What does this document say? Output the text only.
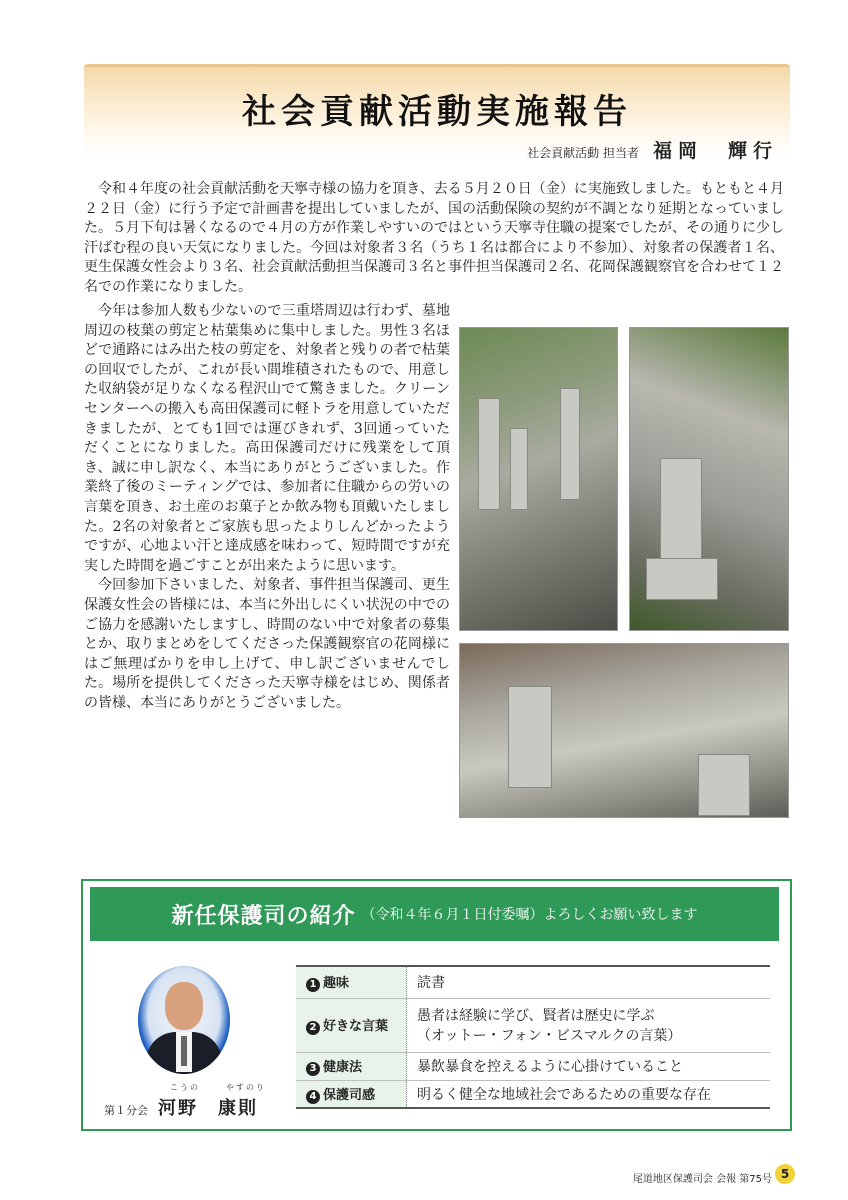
社会貢献活動実施報告
社会貢献活動 担当者 福岡　輝行

令和４年度の社会貢献活動を天寧寺様の協力を頂き、去る５月２０日（金）に実施致しました。もともと４月２２日（金）に行う予定で計画書を提出していましたが、国の活動保険の契約が不調となり延期となっていました。５月下旬は暑くなるので４月の方が作業しやすいのではという天寧寺住職の提案でしたが、その通りに少し汗ばむ程の良い天気になりました。今回は対象者３名（うち１名は都合により不参加）、対象者の保護者１名、更生保護女性会より３名、社会貢献活動担当保護司３名と事件担当保護司２名、花岡保護観察官を合わせて１２名での作業になりました。

今年は参加人数も少ないので三重塔周辺は行わず、墓地周辺の枝葉の剪定と枯葉集めに集中しました。男性３名ほどで通路にはみ出た枝の剪定を、対象者と残りの者で枯葉の回収でしたが、これが長い間堆積されたもので、用意した収納袋が足りなくなる程沢山でて驚きました。クリーンセンターへの搬入も高田保護司に軽トラを用意していただきましたが、とても1回では運びきれず、3回通っていただくことになりました。高田保護司だけに残業をして頂き、誠に申し訳なく、本当にありがとうございました。作業終了後のミーティングでは、参加者に住職からの労いの言葉を頂き、お土産のお菓子とか飲み物も頂戴いたしました。2名の対象者とご家族も思ったよりしんどかったようですが、心地よい汗と達成感を味わって、短時間ですが充実した時間を過ごすことが出来たように思います。

今回参加下さいました、対象者、事件担当保護司、更生保護女性会の皆様には、本当に外出しにくい状況の中でのご協力を感謝いたしますし、時間のない中で対象者の募集とか、取りまとめをしてくださった保護観察官の花岡様にはご無理ばかりを申し上げて、申し訳ございませんでした。場所を提供してくださった天寧寺様をはじめ、関係者の皆様、本当にありがとうございました。

新任保護司の紹介 （令和４年６月１日付委嘱）よろしくお願い致します
こうの	やすのり
第１分会 河野　康則
1 趣味	読書
2 好きな言葉	愚者は経験に学び、賢者は歴史に学ぶ
（オットー・フォン・ビスマルクの言葉）

3 健康法	暴飲暴食を控えるように心掛けていること
4 保護司感	明るく健全な地域社会であるための重要な存在
尾道地区保護司会 会報 第75号 5
